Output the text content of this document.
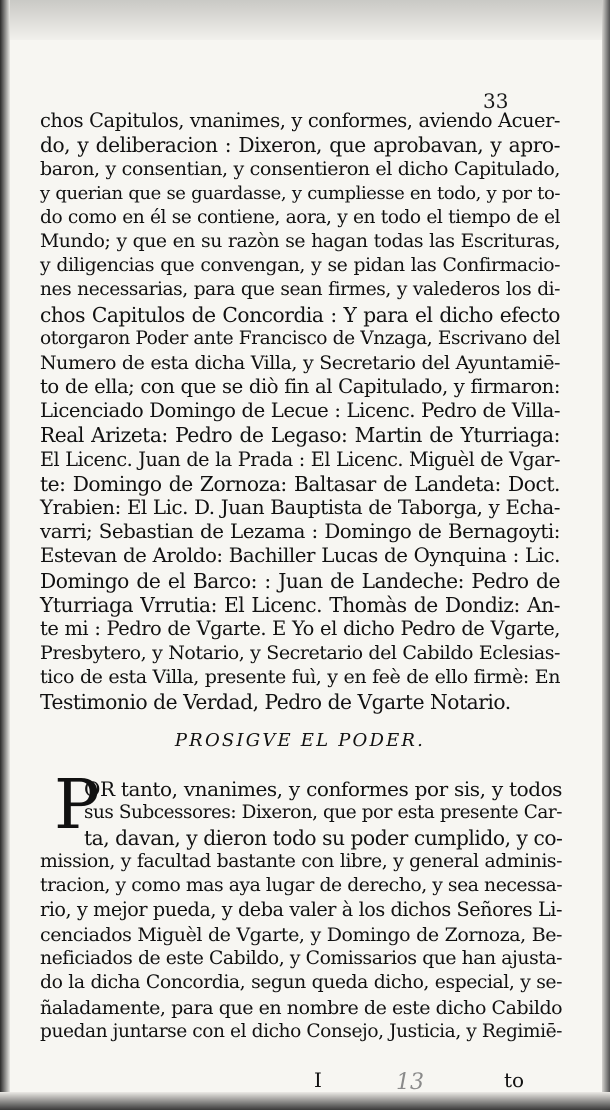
33
chos Capitulos, vnanimes, y conformes, aviendo Acuer-
do, y deliberacion : Dixeron, que aprobavan, y apro-
baron, y consentian, y consentieron el dicho Capitulado,
y querian que se guardasse, y cumpliesse en todo, y por to-
do como en él se contiene, aora, y en todo el tiempo de el
Mundo; y que en su razòn se hagan todas las Escrituras,
y diligencias que convengan, y se pidan las Confirmacio-
nes necessarias, para que sean firmes, y valederos los di-
chos Capitulos de Concordia : Y para el dicho efecto
otorgaron Poder ante Francisco de Vnzaga, Escrivano del
Numero de esta dicha Villa, y Secretario del Ayuntamiē-
to de ella; con que se diò fin al Capitulado, y firmaron:
Licenciado Domingo de Lecue : Licenc. Pedro de Villa-
Real Arizeta: Pedro de Legaso: Martin de Yturriaga:
El Licenc. Juan de la Prada : El Licenc. Miguèl de Vgar-
te: Domingo de Zornoza: Baltasar de Landeta: Doct.
Yrabien: El Lic. D. Juan Bauptista de Taborga, y Echa-
varri; Sebastian de Lezama : Domingo de Bernagoyti:
Estevan de Aroldo: Bachiller Lucas de Oynquina : Lic.
Domingo de el Barco: : Juan de Landeche: Pedro de
Yturriaga Vrrutia: El Licenc. Thomàs de Dondiz: An-
te mi : Pedro de Vgarte. E Yo el dicho Pedro de Vgarte,
Presbytero, y Notario, y Secretario del Cabildo Eclesias-
tico de esta Villa, presente fuì, y en feè de ello firmè: En
Testimonio de Verdad, Pedro de Vgarte Notario.
PROSIGVE EL PODER.
P
OR tanto, vnanimes, y conformes por sis, y todos
sus Subcessores: Dixeron, que por esta presente Car-
ta, davan, y dieron todo su poder cumplido, y co-
mission, y facultad bastante con libre, y general adminis-
tracion, y como mas aya lugar de derecho, y sea necessa-
rio, y mejor pueda, y deba valer à los dichos Señores Li-
cenciados Miguèl de Vgarte, y Domingo de Zornoza, Be-
neficiados de este Cabildo, y Comissarios que han ajusta-
do la dicha Concordia, segun queda dicho, especial, y se-
ñaladamente, para que en nombre de este dicho Cabildo
puedan juntarse con el dicho Consejo, Justicia, y Regimiē-
I	13	to
